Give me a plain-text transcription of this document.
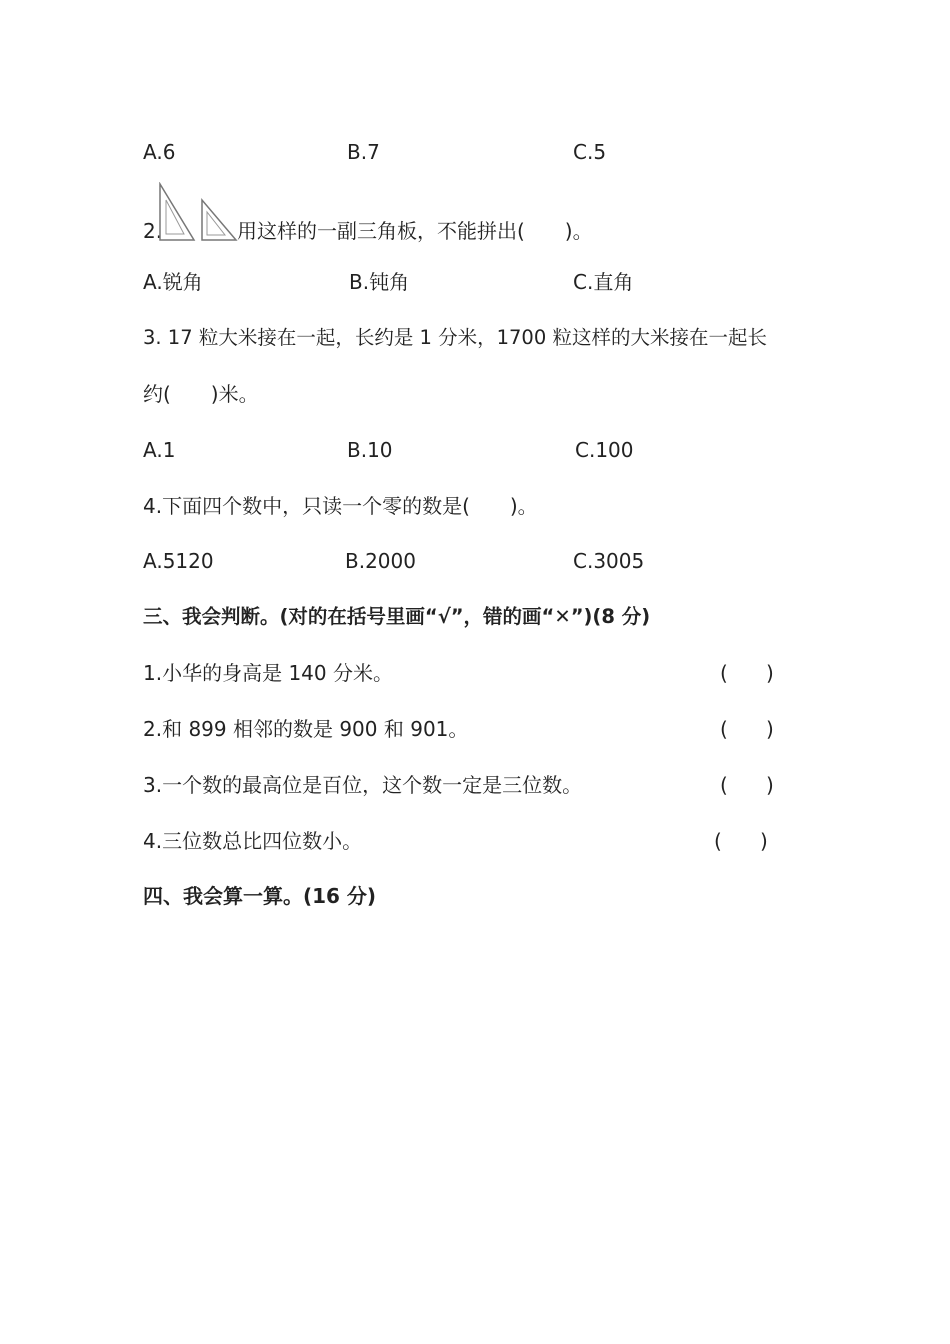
A.6	B.7	C.5
2.	用这样的一副三角板，不能拼出(　　)。
A.锐角	B.钝角	C.直角
3. 17 粒大米接在一起，长约是 1 分米，1700 粒这样的大米接在一起长
约(　　)米。
A.1	B.10	C.100
4.下面四个数中，只读一个零的数是(　　)。
A.5120	B.2000	C.3005
三、我会判断。(对的在括号里画“√”，错的画“✕”)(8 分)
1.小华的身高是 140 分米。	(      )
2.和 899 相邻的数是 900 和 901。	(      )
3.一个数的最高位是百位，这个数一定是三位数。	(      )
4.三位数总比四位数小。	(      )
四、我会算一算。(16 分)
